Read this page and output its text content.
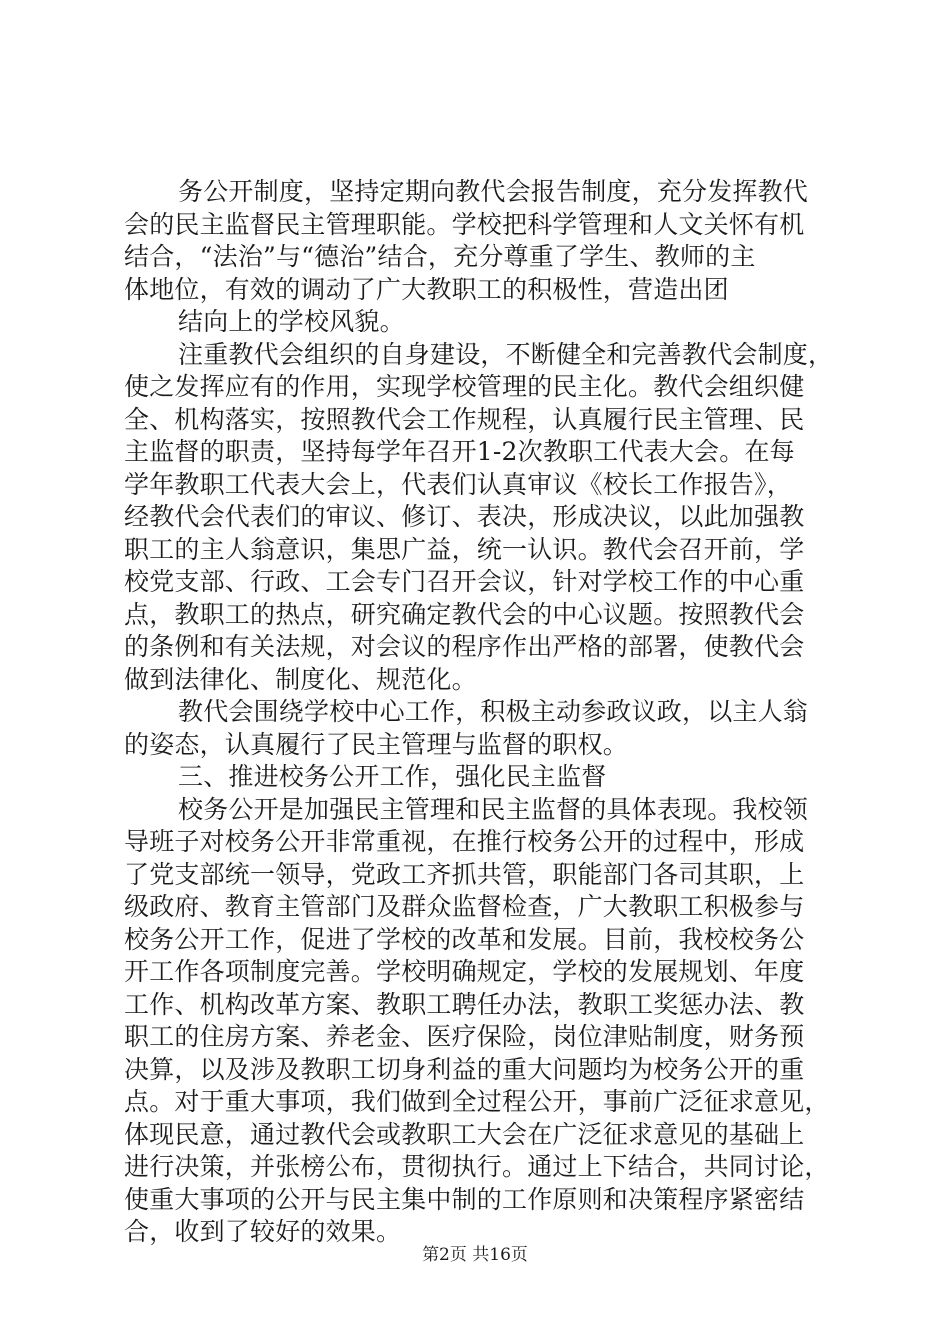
务公开制度，坚持定期向教代会报告制度，充分发挥教代
会的民主监督民主管理职能。学校把科学管理和人文关怀有机
结合，“法治”与“德治”结合，充分尊重了学生、教师的主
体地位，有效的调动了广大教职工的积极性，营造出团
结向上的学校风貌。
注重教代会组织的自身建设，不断健全和完善教代会制度，
使之发挥应有的作用，实现学校管理的民主化。教代会组织健
全、机构落实，按照教代会工作规程，认真履行民主管理、民
主监督的职责，坚持每学年召开1-2次教职工代表大会。在每
学年教职工代表大会上，代表们认真审议《校长工作报告》，
经教代会代表们的审议、修订、表决，形成决议，以此加强教
职工的主人翁意识，集思广益，统一认识。教代会召开前，学
校党支部、行政、工会专门召开会议，针对学校工作的中心重
点，教职工的热点，研究确定教代会的中心议题。按照教代会
的条例和有关法规，对会议的程序作出严格的部署，使教代会
做到法律化、制度化、规范化。
教代会围绕学校中心工作，积极主动参政议政，以主人翁
的姿态，认真履行了民主管理与监督的职权。
三、推进校务公开工作，强化民主监督
校务公开是加强民主管理和民主监督的具体表现。我校领
导班子对校务公开非常重视，在推行校务公开的过程中，形成
了党支部统一领导，党政工齐抓共管，职能部门各司其职，上
级政府、教育主管部门及群众监督检查，广大教职工积极参与
校务公开工作，促进了学校的改革和发展。目前，我校校务公
开工作各项制度完善。学校明确规定，学校的发展规划、年度
工作、机构改革方案、教职工聘任办法，教职工奖惩办法、教
职工的住房方案、养老金、医疗保险，岗位津贴制度，财务预
决算，以及涉及教职工切身利益的重大问题均为校务公开的重
点。对于重大事项，我们做到全过程公开，事前广泛征求意见，
体现民意，通过教代会或教职工大会在广泛征求意见的基础上
进行决策，并张榜公布，贯彻执行。通过上下结合，共同讨论，
使重大事项的公开与民主集中制的工作原则和决策程序紧密结
合，收到了较好的效果。
第2页 共16页
